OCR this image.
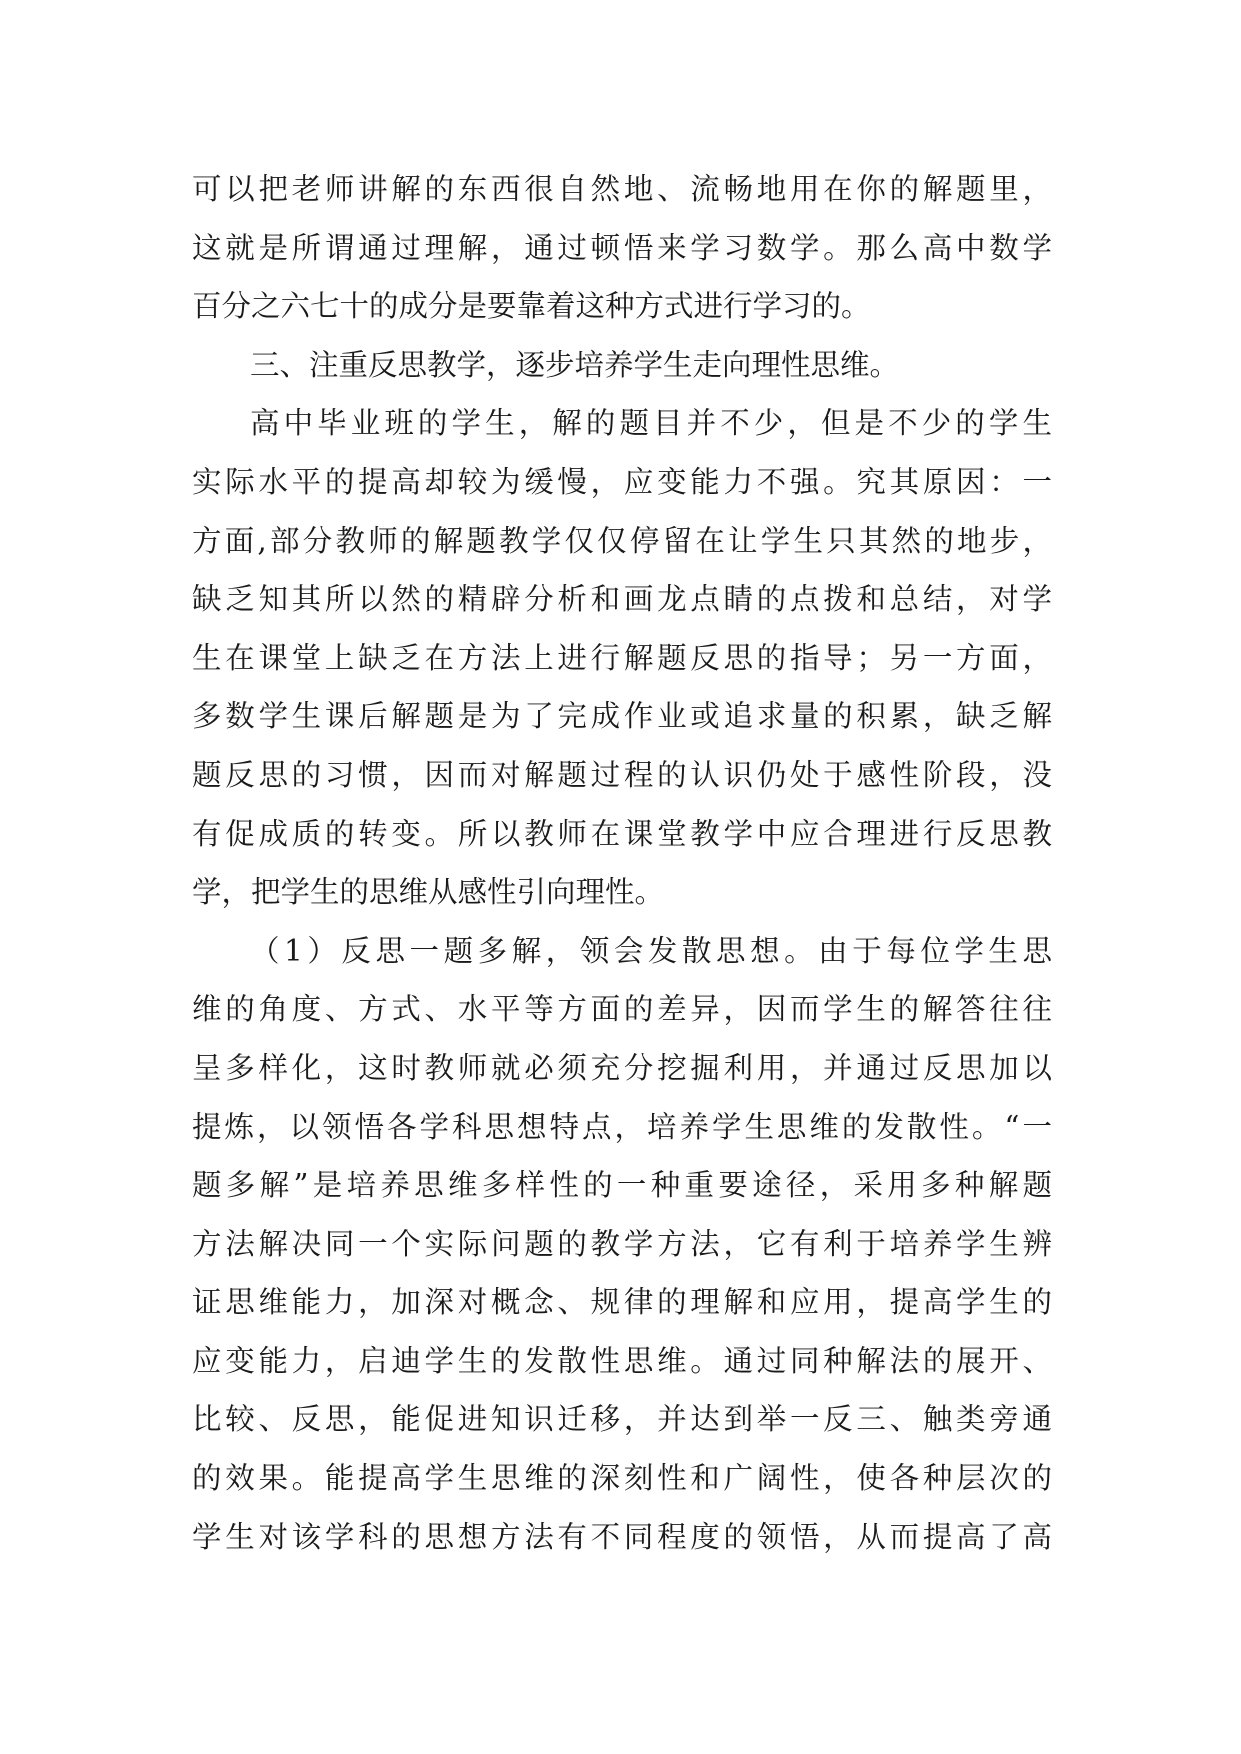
可以把老师讲解的东西很自然地、流畅地用在你的解题里，
这就是所谓通过理解，通过顿悟来学习数学。那么高中数学
百分之六七十的成分是要靠着这种方式进行学习的。
三、注重反思教学，逐步培养学生走向理性思维。
高中毕业班的学生，解的题目并不少，但是不少的学生
实际水平的提高却较为缓慢，应变能力不强。究其原因：一
方面,部分教师的解题教学仅仅停留在让学生只其然的地步，
缺乏知其所以然的精辟分析和画龙点睛的点拨和总结，对学
生在课堂上缺乏在方法上进行解题反思的指导；另一方面，
多数学生课后解题是为了完成作业或追求量的积累，缺乏解
题反思的习惯，因而对解题过程的认识仍处于感性阶段，没
有促成质的转变。所以教师在课堂教学中应合理进行反思教
学，把学生的思维从感性引向理性。
（1）反思一题多解，领会发散思想。由于每位学生思
维的角度、方式、水平等方面的差异，因而学生的解答往往
呈多样化，这时教师就必须充分挖掘利用，并通过反思加以
提炼，以领悟各学科思想特点，培养学生思维的发散性。“一
题多解”是培养思维多样性的一种重要途径，采用多种解题
方法解决同一个实际问题的教学方法，它有利于培养学生辨
证思维能力，加深对概念、规律的理解和应用，提高学生的
应变能力，启迪学生的发散性思维。通过同种解法的展开、
比较、反思，能促进知识迁移，并达到举一反三、触类旁通
的效果。能提高学生思维的深刻性和广阔性，使各种层次的
学生对该学科的思想方法有不同程度的领悟，从而提高了高
